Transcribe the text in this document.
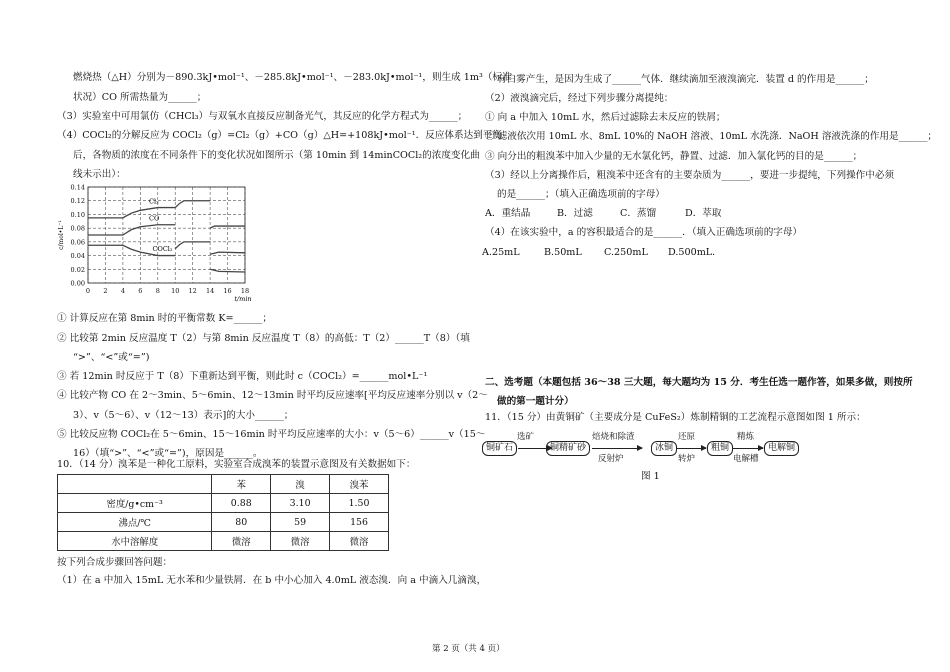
燃烧热（△H）分别为－890.3kJ•mol⁻¹、－285.8kJ•mol⁻¹、－283.0kJ•mol⁻¹，则生成 1m³（标准
状况）CO 所需热量为______；
（3）实验室中可用氯仿（CHCl₃）与双氧水直接反应制备光气，其反应的化学方程式为______；
（4）COCl₂的分解反应为 COCl₂（g）=Cl₂（g）+CO（g）△H=+108kJ•mol⁻¹．反应体系达到平衡
后，各物质的浓度在不同条件下的变化状况如图所示（第 10min 到 14minCOCl₂的浓度变化曲
线未示出）：
0.00
0.02
0.04
0.06
0.08
0.10
0.12
0.14
0 2 4 6 8 10 12 14 16 18
t/min
c/mol•L⁻¹
Cl₂
CO
COCl₂
① 计算反应在第 8min 时的平衡常数 K=______；
② 比较第 2min 反应温度 T（2）与第 8min 反应温度 T（8）的高低：T（2）______T（8）（填
“>”、“<”或“=”)
③ 若 12min 时反应于 T（8）下重新达到平衡，则此时 c（COCl₂）=______mol•L⁻¹
④ 比较产物 CO 在 2～3min、5～6min、12～13min 时平均反应速率[平均反应速率分别以 v（2～
3）、v（5～6）、v（12～13）表示]的大小______；
⑤ 比较反应物 COCl₂在 5～6min、15～16min 时平均反应速率的大小：v（5～6）______v（15～
16）（填“>”、“<”或“=”)，原因是______。
10．（14 分）溴苯是一种化工原料，实验室合成溴苯的装置示意图及有关数据如下：
	苯	溴	溴苯
密度/g•cm⁻³	0.88	3.10	1.50
沸点/℃	80	59	156
水中溶解度	微溶	微溶	微溶
按下列合成步骤回答问题：
（1）在 a 中加入 15mL 无水苯和少量铁屑．在 b 中小心加入 4.0mL 液态溴．向 a 中滴入几滴溴，
有白雾产生，是因为生成了______气体．继续滴加至液溴滴完．装置 d 的作用是______；
（2）液溴滴完后，经过下列步骤分离提纯：
① 向 a 中加入 10mL 水，然后过滤除去未反应的铁屑；
② 滤液依次用 10mL 水、8mL 10%的 NaOH 溶液、10mL 水洗涤．NaOH 溶液洗涤的作用是______；
③ 向分出的粗溴苯中加入少量的无水氯化钙，静置、过滤．加入氯化钙的目的是______；
（3）经以上分离操作后，粗溴苯中还含有的主要杂质为______，要进一步提纯，下列操作中必须
的是______；（填入正确选项前的字母）
A．重结晶	B．过滤	C．蒸馏	D．萃取
（4）在该实验中，a 的容积最适合的是______．（填入正确选项前的字母）
A.25mL	B.50mL C.250mL D.500mL．
二、选考题（本题包括 36～38 三大题，每大题均为 15 分．考生任选一题作答，如果多做，则按所
做的第一题计分）
11．（15 分）由黄铜矿（主要成分是 CuFeS₂）炼制精铜的工艺流程示意图如图 1 所示：
铜矿石
选矿
铜精矿砂
焙烧和除渣
反射炉
冰铜
还原
转炉
粗铜
精炼
电解槽
电解铜
图 1
第 2 页（共 4 页）
